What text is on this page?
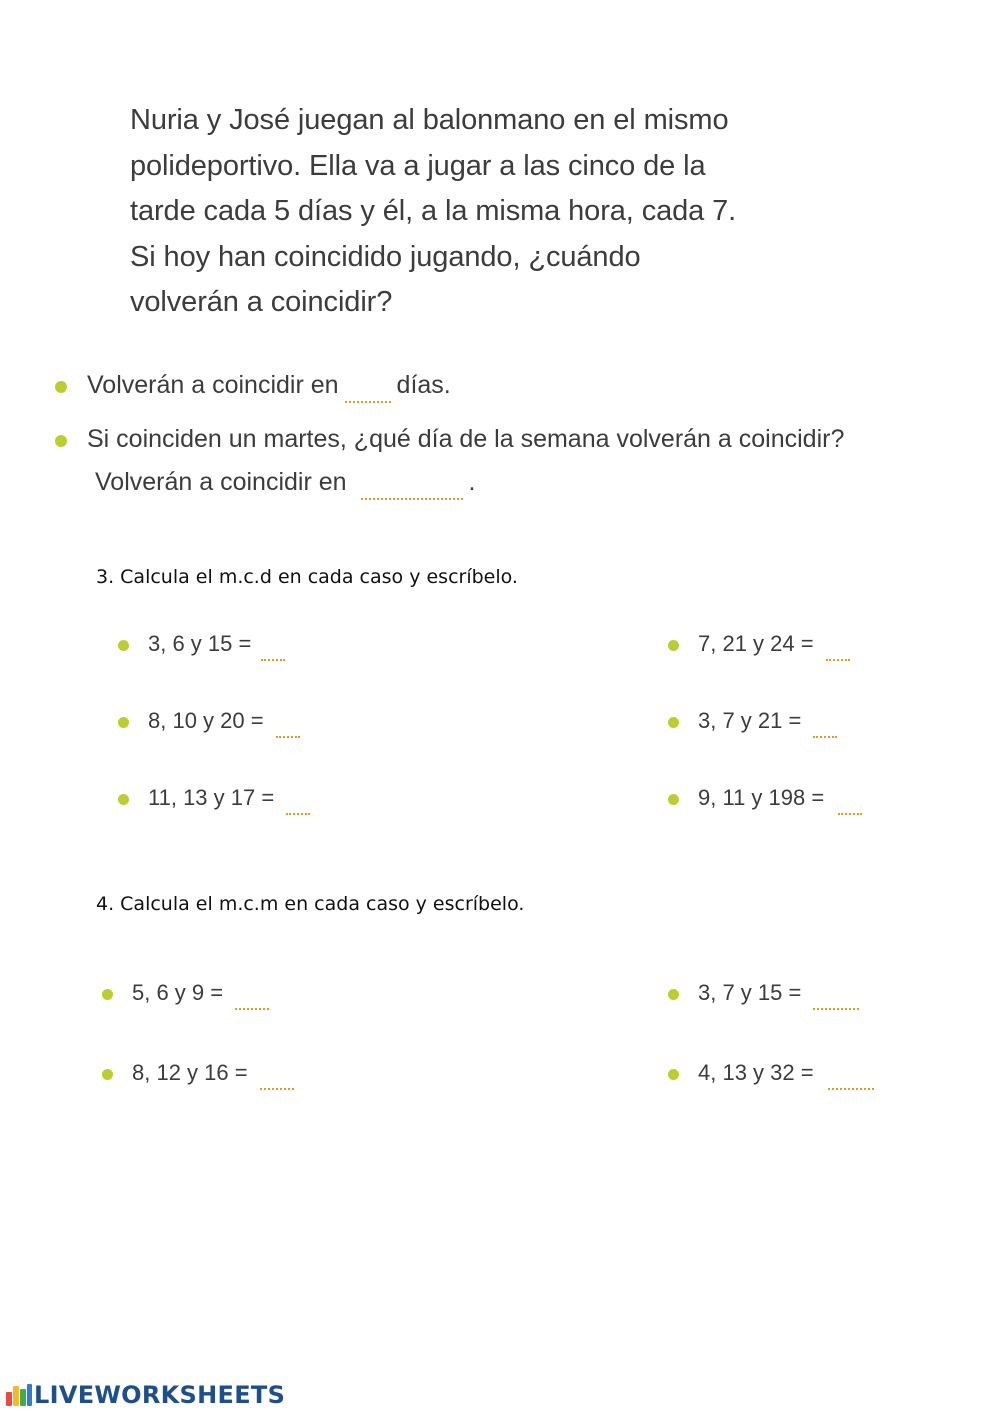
Nuria y José juegan al balonmano en el mismo
polideportivo. Ella va a jugar a las cinco de la
tarde cada 5 días y él, a la misma hora, cada 7.
Si hoy han coincidido jugando, ¿cuándo
volverán a coincidir?
Volverán a coincidir en días.
Si coinciden un martes, ¿qué día de la semana volverán a coincidir?
Volverán a coincidir en	.
3. Calcula el m.c.d en cada caso y escríbelo.
3, 6 y 15 =	7, 21 y 24 =
8, 10 y 20 =	3, 7 y 21 =
11, 13 y 17 =	9, 11 y 198 =
4. Calcula el m.c.m en cada caso y escríbelo.
5, 6 y 9 =	3, 7 y 15 =
8, 12 y 16 =	4, 13 y 32 =
LIVEWORKSHEETS
